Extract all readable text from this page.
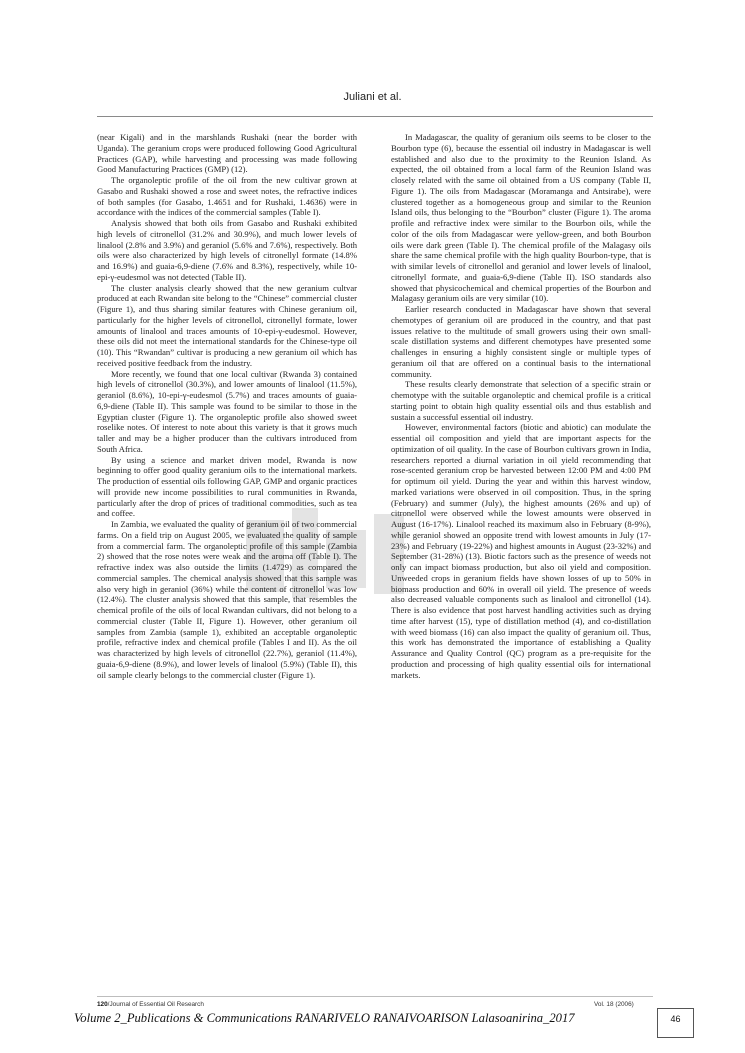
Juliani et al.

(near Kigali) and in the marshlands Rushaki (near the border with Uganda). The geranium crops were produced following Good Agricultural Practices (GAP), while harvesting and processing was made following Good Manufacturing Practices (GMP) (12).

The organoleptic profile of the oil from the new cultivar grown at Gasabo and Rushaki showed a rose and sweet notes, the refractive indices of both samples (for Gasabo, 1.4651 and for Rushaki, 1.4636) were in accordance with the indices of the commercial samples (Table I).

Analysis showed that both oils from Gasabo and Rushaki exhibited high levels of citronellol (31.2% and 30.9%), and much lower levels of linalool (2.8% and 3.9%) and geraniol (5.6% and 7.6%), respectively. Both oils were also characterized by high levels of citronellyl formate (14.8% and 16.9%) and guaia-6,9-diene (7.6% and 8.3%), respectively, while 10-epi-γ-eudesmol was not detected (Table II).

The cluster analysis clearly showed that the new geranium cultvar produced at each Rwandan site belong to the “Chinese” commercial cluster (Figure 1), and thus sharing similar features with Chinese geranium oil, particularly for the higher levels of citronellol, citronellyl formate, lower amounts of linalool and traces amounts of 10-epi-γ-eudesmol. However, these oils did not meet the international standards for the Chinese-type oil (10). This “Rwandan” cultivar is producing a new geranium oil which has received positive feedback from the industry.

More recently, we found that one local cultivar (Rwanda 3) contained high levels of citronellol (30.3%), and lower amounts of linalool (11.5%), geraniol (8.6%), 10-epi-γ-eudesmol (5.7%) and traces amounts of guaia-6,9-diene (Table II). This sample was found to be similar to those in the Egyptian cluster (Figure 1). The organoleptic profile also showed sweet roselike notes. Of interest to note about this variety is that it grows much taller and may be a higher producer than the cultivars introduced from South Africa.

By using a science and market driven model, Rwanda is now beginning to offer good quality geranium oils to the international markets. The production of essential oils following GAP, GMP and organic practices will provide new income possibilities to rural communities in Rwanda, particularly after the drop of prices of traditional commodities, such as tea and coffee.

In Zambia, we evaluated the quality of geranium oil of two commercial farms. On a field trip on August 2005, we evaluated the quality of sample from a commercial farm. The organoleptic profile of this sample (Zambia 2) showed that the rose notes were weak and the aroma off (Table I). The refractive index was also outside the limits (1.4729) as compared the commercial samples. The chemical analysis showed that this sample was also very high in geraniol (36%) while the content of citronellol was low (12.4%). The cluster analysis showed that this sample, that resembles the chemical profile of the oils of local Rwandan cultivars, did not belong to a commercial cluster (Table II, Figure 1). However, other geranium oil samples from Zambia (sample 1), exhibited an acceptable organoleptic profile, refractive index and chemical profile (Tables I and II). As the oil was characterized by high levels of citronellol (22.7%), geraniol (11.4%), guaia-6,9-diene (8.9%), and lower levels of linalool (5.9%) (Table II), this oil sample clearly belongs to the commercial cluster (Figure 1).

In Madagascar, the quality of geranium oils seems to be closer to the Bourbon type (6), because the essential oil industry in Madagascar is well established and also due to the proximity to the Reunion Island. As expected, the oil obtained from a local farm of the Reunion Island was closely related with the same oil obtained from a US company (Table II, Figure 1). The oils from Madagascar (Moramanga and Antsirabe), were clustered together as a homogeneous group and similar to the Reunion Island oils, thus belonging to the “Bourbon” cluster (Figure 1). The aroma profile and refractive index were similar to the Bourbon oils, while the color of the oils from Madagascar were yellow-green, and both Bourbon oils were dark green (Table I). The chemical profile of the Malagasy oils share the same chemical profile with the high quality Bourbon-type, that is with similar levels of citronellol and geraniol and lower levels of linalool, citronellyl formate, and guaia-6,9-diene (Table II). ISO standards also showed that physicochemical and chemical properties of the Bourbon and Malagasy geranium oils are very similar (10).

Earlier research conducted in Madagascar have shown that several chemotypes of geranium oil are produced in the country, and that past issues relative to the multitude of small growers using their own small-scale distillation systems and different chemotypes have presented some challenges in ensuring a highly consistent single or multiple types of geranium oil that are offered on a continual basis to the international community.

These results clearly demonstrate that selection of a specific strain or chemotype with the suitable organoleptic and chemical profile is a critical starting point to obtain high quality essential oils and thus establish and sustain a successful essential oil industry.

However, environmental factors (biotic and abiotic) can modulate the essential oil composition and yield that are important aspects for the optimization of oil quality. In the case of Bourbon cultivars grown in India, researchers reported a diurnal variation in oil yield recommending that rose-scented geranium crop be harvested between 12:00 PM and 4:00 PM for optimum oil yield. During the year and within this harvest window, marked variations were observed in oil composition. Thus, in the spring (February) and summer (July), the highest amounts (26% and up) of citronellol were observed while the lowest amounts were observed in August (16-17%). Linalool reached its maximum also in February (8-9%), while geraniol showed an opposite trend with lowest amounts in July (17-23%) and February (19-22%) and highest amounts in August (23-32%) and September (31-28%) (13). Biotic factors such as the presence of weeds not only can impact biomass production, but also oil yield and composition. Unweeded crops in geranium fields have shown losses of up to 50% in biomass production and 60% in overall oil yield. The presence of weeds also decreased valuable components such as linalool and citronellol (14). There is also evidence that post harvest handling activities such as drying time after harvest (15), type of distillation method (4), and co-distillation with weed biomass (16) can also impact the quality of geranium oil. Thus, this work has demonstrated the importance of establishing a Quality Assurance and Quality Control (QC) program as a pre-requisite for the production and processing of high quality essential oils for international markets.

120/Journal of Essential Oil Research	Vol. 18 (2006)
Volume 2_Publications & Communications RANARIVELO RANAIVOARISON Lalasoanirina_2017	46
